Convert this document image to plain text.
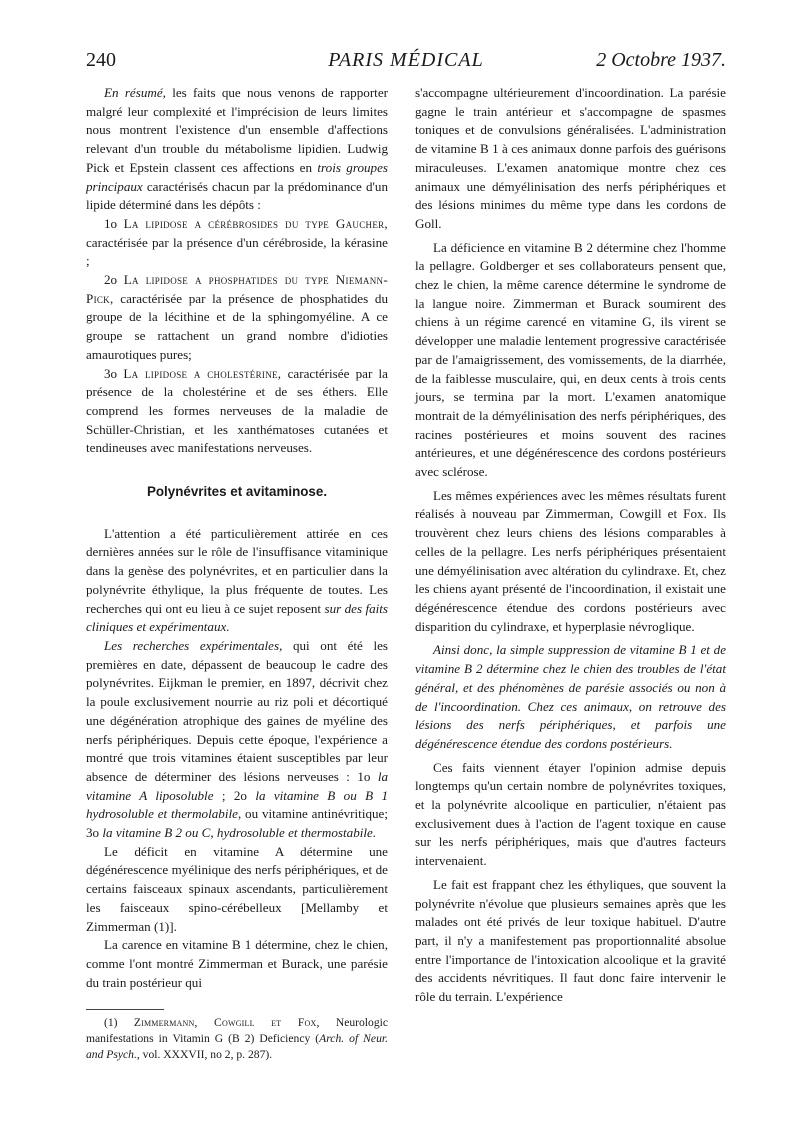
240	PARIS MÉDICAL	2 Octobre 1937.

En résumé, les faits que nous venons de rapporter malgré leur complexité et l'imprécision de leurs limites nous montrent l'existence d'un ensemble d'affections relevant d'un trouble du métabolisme lipidien. Ludwig Pick et Epstein classent ces affections en trois groupes principaux caractérisés chacun par la prédominance d'un lipide déterminé dans les dépôts :

1o La lipidose a cérébrosides du type Gaucher, caractérisée par la présence d'un cérébroside, la kérasine ;

2o La lipidose a phosphatides du type Niemann-Pick, caractérisée par la présence de phosphatides du groupe de la lécithine et de la sphingomyéline. A ce groupe se rattachent un grand nombre d'idioties amaurotiques pures;

3o La lipidose a cholestérine, caractérisée par la présence de la cholestérine et de ses éthers. Elle comprend les formes nerveuses de la maladie de Schüller-Christian, et les xanthématoses cutanées et tendineuses avec manifestations nerveuses.

Polynévrites et avitaminose.

L'attention a été particulièrement attirée en ces dernières années sur le rôle de l'insuffisance vitaminique dans la genèse des polynévrites, et en particulier dans la polynévrite éthylique, la plus fréquente de toutes. Les recherches qui ont eu lieu à ce sujet reposent sur des faits cliniques et expérimentaux.

Les recherches expérimentales, qui ont été les premières en date, dépassent de beaucoup le cadre des polynévrites. Eijkman le premier, en 1897, décrivit chez la poule exclusivement nourrie au riz poli et décortiqué une dégénération atrophique des gaines de myéline des nerfs périphériques. Depuis cette époque, l'expérience a montré que trois vitamines étaient susceptibles par leur absence de déterminer des lésions nerveuses : 1o la vitamine A liposoluble ; 2o la vitamine B ou B 1 hydrosoluble et thermolabile, ou vitamine antinévritique; 3o la vitamine B 2 ou C, hydrosoluble et thermostabile.

Le déficit en vitamine A détermine une dégénérescence myélinique des nerfs périphériques, et de certains faisceaux spinaux ascendants, particulièrement les faisceaux spino-cérébelleux [Mellamby et Zimmerman (1)].

La carence en vitamine B 1 détermine, chez le chien, comme l'ont montré Zimmerman et Burack, une parésie du train postérieur qui

(1) Zimmermann, Cowgill et Fox, Neurologic manifestations in Vitamin G (B 2) Deficiency (Arch. of Neur. and Psych., vol. XXXVII, no 2, p. 287).

s'accompagne ultérieurement d'incoordination. La parésie gagne le train antérieur et s'accompagne de spasmes toniques et de convulsions généralisées. L'administration de vitamine B 1 à ces animaux donne parfois des guérisons miraculeuses. L'examen anatomique montre chez ces animaux une démyélinisation des nerfs périphériques et des lésions minimes du même type dans les cordons de Goll.

La déficience en vitamine B 2 détermine chez l'homme la pellagre. Goldberger et ses collaborateurs pensent que, chez le chien, la même carence détermine le syndrome de la langue noire. Zimmerman et Burack soumirent des chiens à un régime carencé en vitamine G, ils virent se développer une maladie lentement progressive caractérisée par de l'amaigrissement, des vomissements, de la diarrhée, de la faiblesse musculaire, qui, en deux cents à trois cents jours, se termina par la mort. L'examen anatomique montrait de la démyélinisation des nerfs périphériques, des racines postérieures et moins souvent des racines antérieures, et une dégénérescence des cordons postérieurs avec sclérose.

Les mêmes expériences avec les mêmes résultats furent réalisés à nouveau par Zimmerman, Cowgill et Fox. Ils trouvèrent chez leurs chiens des lésions comparables à celles de la pellagre. Les nerfs périphériques présentaient une démyélinisation avec altération du cylindraxe. Et, chez les chiens ayant présenté de l'incoordination, il existait une dégénérescence étendue des cordons postérieurs avec disparition du cylindraxe, et hyperplasie névroglique.

Ainsi donc, la simple suppression de vitamine B 1 et de vitamine B 2 détermine chez le chien des troubles de l'état général, et des phénomènes de parésie associés ou non à de l'incoordination. Chez ces animaux, on retrouve des lésions des nerfs périphériques, et parfois une dégénérescence étendue des cordons postérieurs.

Ces faits viennent étayer l'opinion admise depuis longtemps qu'un certain nombre de polynévrites toxiques, et la polynévrite alcoolique en particulier, n'étaient pas exclusivement dues à l'action de l'agent toxique en cause sur les nerfs périphériques, mais que d'autres facteurs intervenaient.

Le fait est frappant chez les éthyliques, que souvent la polynévrite n'évolue que plusieurs semaines après que les malades ont été privés de leur toxique habituel. D'autre part, il n'y a manifestement pas proportionnalité absolue entre l'importance de l'intoxication alcoolique et la gravité des accidents névritiques. Il faut donc faire intervenir le rôle du terrain. L'expérience
